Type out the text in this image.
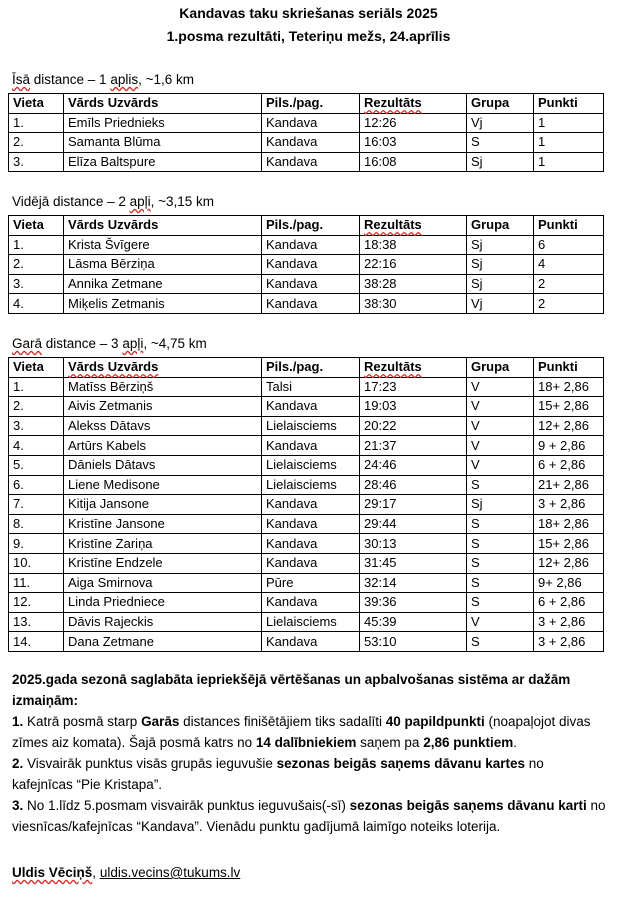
Kandavas taku skriešanas seriāls 2025
1.posma rezultāti, Teteriņu mežs, 24.aprīlis
Īsā distance – 1 aplis, ~1,6 km
Vieta	Vārds Uzvārds	Pils./pag.	Rezultāts	Grupa	Punkti
1.	Emīls Priednieks	Kandava	12:26	Vj	1
2.	Samanta Blūma	Kandava	16:03	S	1
3.	Elīza Baltspure	Kandava	16:08	Sj	1
Vidējā distance – 2 apļi, ~3,15 km
Vieta	Vārds Uzvārds	Pils./pag.	Rezultāts	Grupa	Punkti
1.	Krista Švīgere	Kandava	18:38	Sj	6
2.	Lāsma Bērziņa	Kandava	22:16	Sj	4
3.	Annika Zetmane	Kandava	38:28	Sj	2
4.	Miķelis Zetmanis	Kandava	38:30	Vj	2
Garā distance – 3 apļi, ~4,75 km
Vieta	Vārds Uzvārds	Pils./pag.	Rezultāts	Grupa	Punkti
1.	Matīss Bērziņš	Talsi	17:23	V	18+ 2,86
2.	Aivis Zetmanis	Kandava	19:03	V	15+ 2,86
3.	Alekss Dātavs	Lielaisciems	20:22	V	12+ 2,86
4.	Artūrs Kabels	Kandava	21:37	V	9 + 2,86
5.	Dāniels Dātavs	Lielaisciems	24:46	V	6 + 2,86
6.	Liene Medisone	Lielaisciems	28:46	S	21+ 2,86
7.	Kitija Jansone	Kandava	29:17	Sj	3 + 2,86
8.	Kristīne Jansone	Kandava	29:44	S	18+ 2,86
9.	Kristīne Zariņa	Kandava	30:13	S	15+ 2,86
10.	Kristīne Endzele	Kandava	31:45	S	12+ 2,86
11.	Aiga Smirnova	Pūre	32:14	S	9+ 2,86
12.	Linda Priedniece	Kandava	39:36	S	6 + 2,86
13.	Dāvis Rajeckis	Lielaisciems	45:39	V	3 + 2,86
14.	Dana Zetmane	Kandava	53:10	S	3 + 2,86

2025.gada sezonā saglabāta iepriekšējā vērtēšanas un apbalvošanas sistēma ar dažām izmaiņām:

1. Katrā posmā starp Garās distances finišētājiem tiks sadalīti 40 papildpunkti (noapaļojot divas zīmes aiz komata). Šajā posmā katrs no 14 dalībniekiem saņem pa 2,86 punktiem.

2. Visvairāk punktus visās grupās ieguvušie sezonas beigās saņems dāvanu kartes no kafejnīcas “Pie Kristapa”.

3. No 1.līdz 5.posmam visvairāk punktus ieguvušais(-sī) sezonas beigās saņems dāvanu karti no viesnīcas/kafejnīcas “Kandava”. Vienādu punktu gadījumā laimīgo noteiks loterija.

Uldis Vēciņš, uldis.vecins@tukums.lv
